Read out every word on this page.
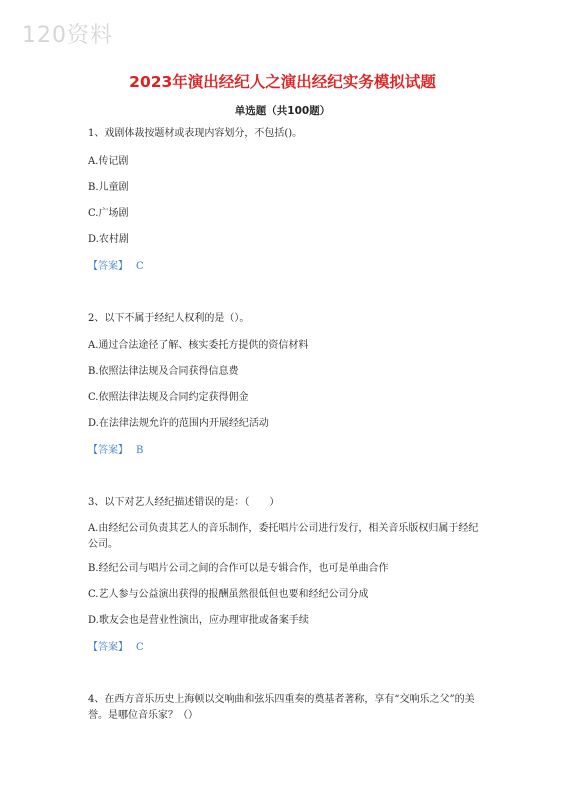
120资料
2023年演出经纪人之演出经纪实务模拟试题
单选题（共100题）
1、戏剧体裁按题材或表现内容划分，不包括()。
A.传记剧
B.儿童剧
C.广场剧
D.农村剧
【答案】 C
2、以下不属于经纪人权利的是（）。
A.通过合法途径了解、核实委托方提供的资信材料
B.依照法律法规及合同获得信息费
C.依照法律法规及合同约定获得佣金
D.在法律法规允许的范围内开展经纪活动
【答案】 B
3、以下对艺人经纪描述错误的是：（　　）
A.由经纪公司负责其艺人的音乐制作，委托唱片公司进行发行，相关音乐版权归属于经纪公司。
B.经纪公司与唱片公司之间的合作可以是专辑合作，也可是单曲合作
C.艺人参与公益演出获得的报酬虽然很低但也要和经纪公司分成
D.歌友会也是营业性演出，应办理审批或备案手续
【答案】 C
4、在西方音乐历史上海顿以交响曲和弦乐四重奏的奠基者著称，享有“交响乐之父”的美誉。是哪位音乐家？（）
